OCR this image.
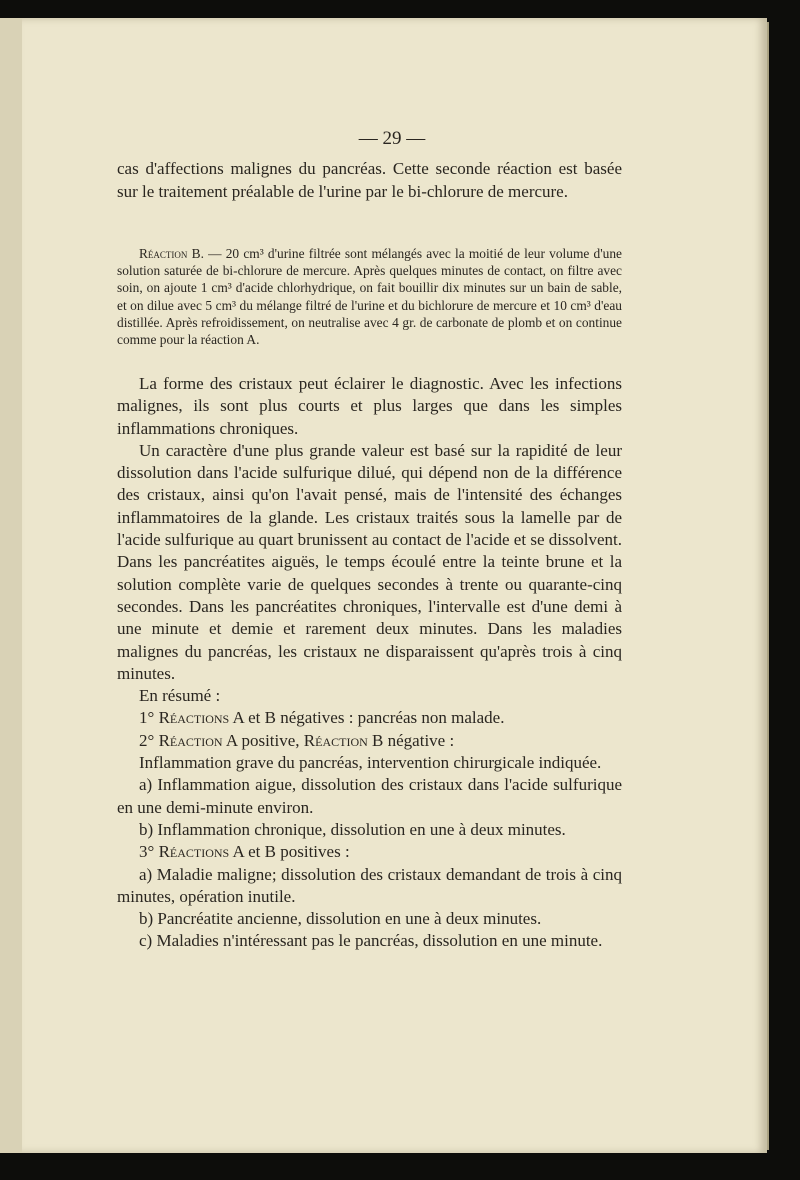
— 29 —

cas d'affections malignes du pancréas. Cette seconde réaction est basée sur le traitement préalable de l'urine par le bi-chlorure de mercure.

Réaction B. — 20 cm³ d'urine filtrée sont mélangés avec la moitié de leur volume d'une solution saturée de bi-chlorure de mercure. Après quelques minutes de contact, on filtre avec soin, on ajoute 1 cm³ d'acide chlorhydrique, on fait bouillir dix minutes sur un bain de sable, et on dilue avec 5 cm³ du mélange filtré de l'urine et du bichlorure de mercure et 10 cm³ d'eau distillée. Après refroidissement, on neutralise avec 4 gr. de carbonate de plomb et on continue comme pour la réaction A.

La forme des cristaux peut éclairer le diagnostic. Avec les infections malignes, ils sont plus courts et plus larges que dans les simples inflammations chroniques.

Un caractère d'une plus grande valeur est basé sur la rapidité de leur dissolution dans l'acide sulfurique dilué, qui dépend non de la différence des cristaux, ainsi qu'on l'avait pensé, mais de l'intensité des échanges inflammatoires de la glande. Les cristaux traités sous la lamelle par de l'acide sulfurique au quart brunissent au contact de l'acide et se dissolvent. Dans les pancréatites aiguës, le temps écoulé entre la teinte brune et la solution complète varie de quelques secondes à trente ou quarante-cinq secondes. Dans les pancréatites chroniques, l'intervalle est d'une demi à une minute et demie et rarement deux minutes. Dans les maladies malignes du pancréas, les cristaux ne disparaissent qu'après trois à cinq minutes.

En résumé :

1° Réactions A et B négatives : pancréas non malade.

2° Réaction A positive, Réaction B négative :

Inflammation grave du pancréas, intervention chirurgicale indiquée.

a) Inflammation aigue, dissolution des cristaux dans l'acide sulfurique en une demi-minute environ.

b) Inflammation chronique, dissolution en une à deux minutes.

3° Réactions A et B positives :

a) Maladie maligne; dissolution des cristaux demandant de trois à cinq minutes, opération inutile.

b) Pancréatite ancienne, dissolution en une à deux minutes.

c) Maladies n'intéressant pas le pancréas, dissolution en une minute.
